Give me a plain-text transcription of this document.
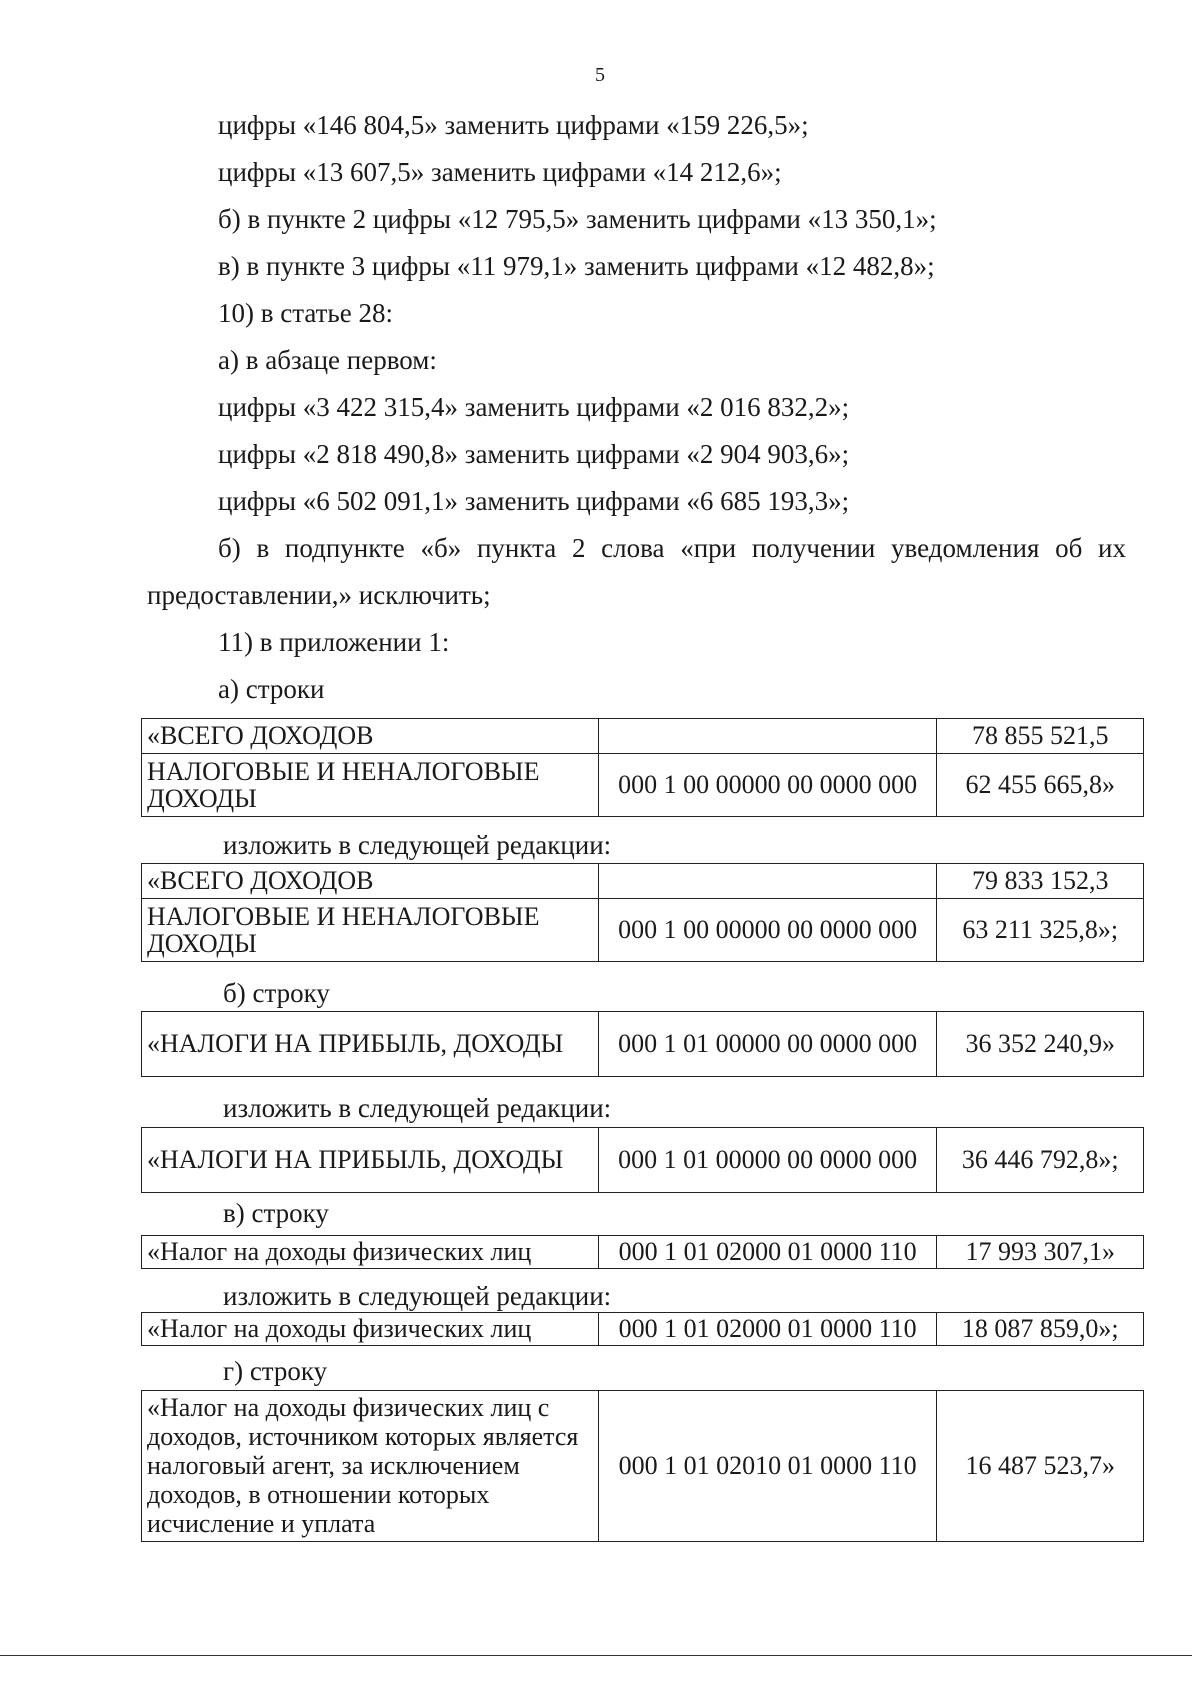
5
цифры «146 804,5» заменить цифрами «159 226,5»;
цифры «13 607,5» заменить цифрами «14 212,6»;
б) в пункте 2 цифры «12 795,5» заменить цифрами «13 350,1»;
в) в пункте 3 цифры «11 979,1» заменить цифрами «12 482,8»;
10) в статье 28:
а) в абзаце первом:
цифры «3 422 315,4» заменить цифрами «2 016 832,2»;
цифры «2 818 490,8» заменить цифрами «2 904 903,6»;
цифры «6 502 091,1» заменить цифрами «6 685 193,3»;
б) в подпункте «б» пункта 2 слова «при получении уведомления об их
предоставлении,» исключить;
11) в приложении 1:
а) строки
«ВСЕГО ДОХОДОВ		78 855 521,5
НАЛОГОВЫЕ И НЕНАЛОГОВЫЕ ДОХОДЫ	000 1 00 00000 00 0000 000	62 455 665,8»
изложить в следующей редакции:
«ВСЕГО ДОХОДОВ		79 833 152,3
НАЛОГОВЫЕ И НЕНАЛОГОВЫЕ ДОХОДЫ	000 1 00 00000 00 0000 000	63 211 325,8»;
б) строку
«НАЛОГИ НА ПРИБЫЛЬ, ДОХОДЫ	000 1 01 00000 00 0000 000	36 352 240,9»
изложить в следующей редакции:
«НАЛОГИ НА ПРИБЫЛЬ, ДОХОДЫ	000 1 01 00000 00 0000 000	36 446 792,8»;
в) строку
«Налог на доходы физических лиц	000 1 01 02000 01 0000 110	17 993 307,1»
изложить в следующей редакции:
«Налог на доходы физических лиц	000 1 01 02000 01 0000 110	18 087 859,0»;
г) строку
«Налог на доходы физических лиц с доходов, источником которых является налоговый агент, за исключением доходов, в отношении которых исчисление и уплата	000 1 01 02010 01 0000 110	16 487 523,7»
